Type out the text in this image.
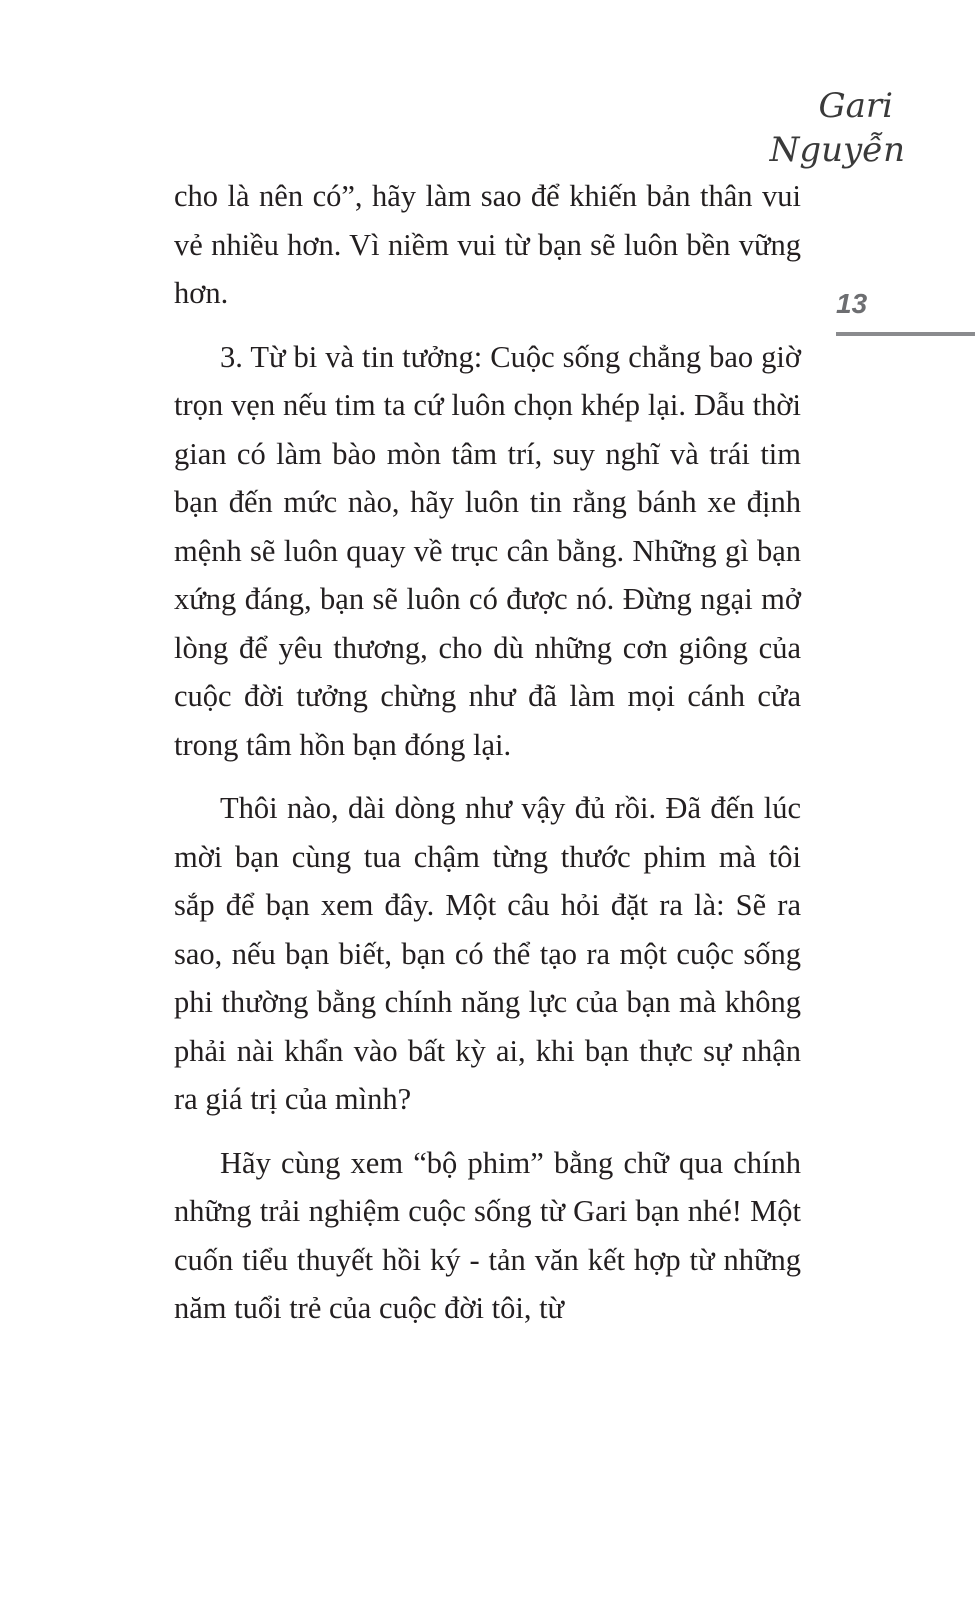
Gari
Nguyễn
13

cho là nên có”, hãy làm sao để khiến bản thân vui vẻ nhiều hơn. Vì niềm vui từ bạn sẽ luôn bền vững hơn.

3. Từ bi và tin tưởng: Cuộc sống chẳng bao giờ trọn vẹn nếu tim ta cứ luôn chọn khép lại. Dẫu thời gian có làm bào mòn tâm trí, suy nghĩ và trái tim bạn đến mức nào, hãy luôn tin rằng bánh xe định mệnh sẽ luôn quay về trục cân bằng. Những gì bạn xứng đáng, bạn sẽ luôn có được nó. Đừng ngại mở lòng để yêu thương, cho dù những cơn giông của cuộc đời tưởng chừng như đã làm mọi cánh cửa trong tâm hồn bạn đóng lại.

Thôi nào, dài dòng như vậy đủ rồi. Đã đến lúc mời bạn cùng tua chậm từng thước phim mà tôi sắp để bạn xem đây. Một câu hỏi đặt ra là: Sẽ ra sao, nếu bạn biết, bạn có thể tạo ra một cuộc sống phi thường bằng chính năng lực của bạn mà không phải nài khẩn vào bất kỳ ai, khi bạn thực sự nhận ra giá trị của mình?

Hãy cùng xem “bộ phim” bằng chữ qua chính những trải nghiệm cuộc sống từ Gari bạn nhé! Một cuốn tiểu thuyết hồi ký - tản văn kết hợp từ những năm tuổi trẻ của cuộc đời tôi, từ
